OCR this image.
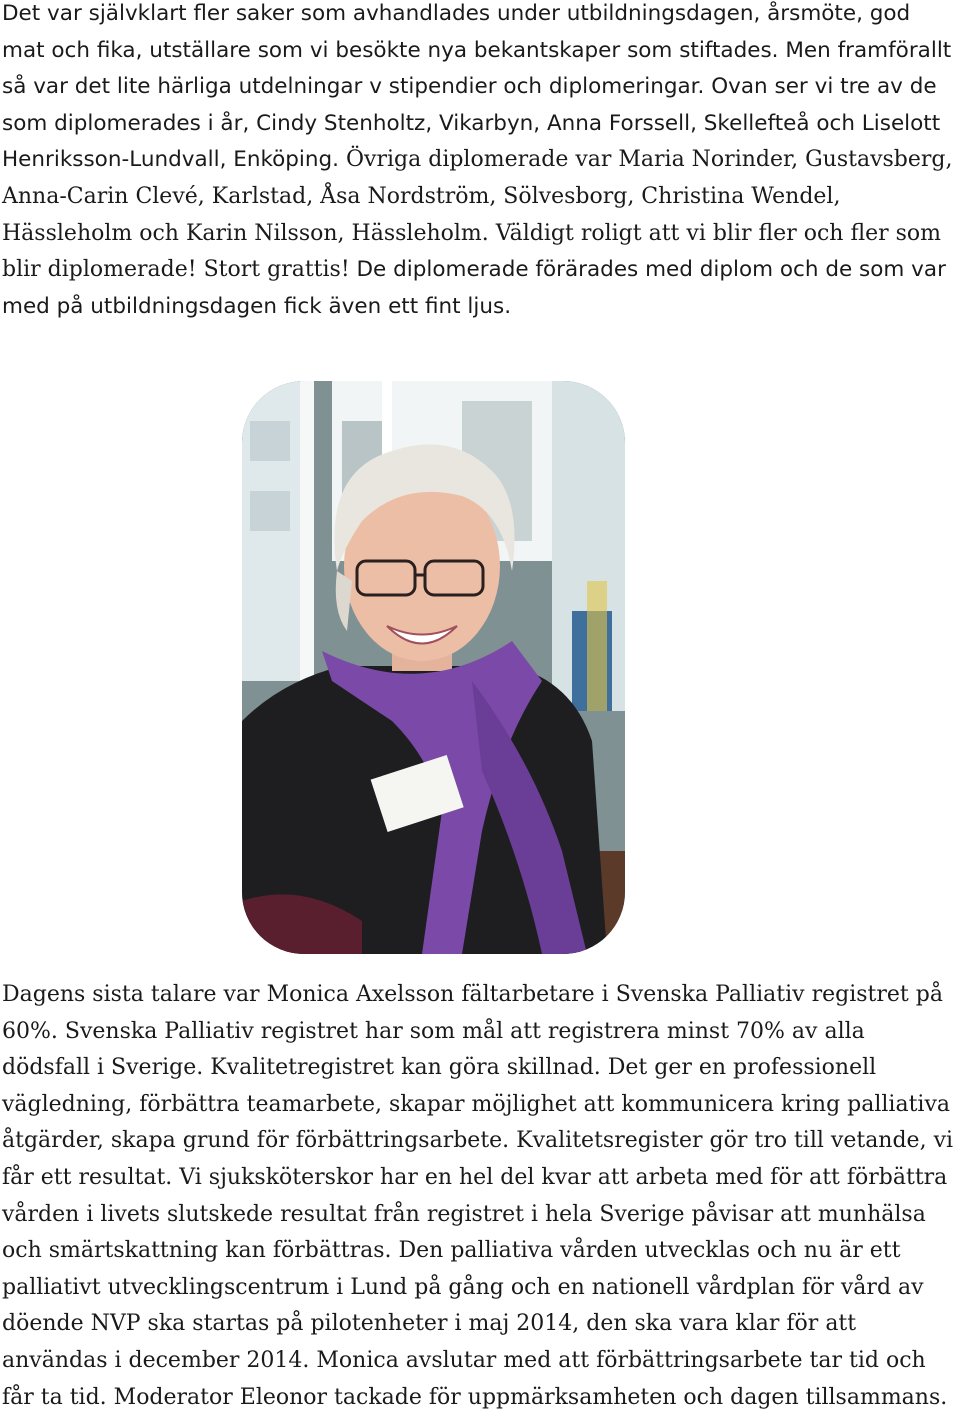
Det var självklart fler saker som avhandlades under utbildningsdagen, årsmöte, god mat och fika, utställare som vi besökte nya bekantskaper som stiftades. Men framförallt så var det lite härliga utdelningar v stipendier och diplomeringar. Ovan ser vi tre av de som diplomerades i år, Cindy Stenholtz, Vikarbyn, Anna Forssell, Skellefteå och Liselott Henriksson-Lundvall, Enköping. Övriga diplomerade var Maria Norinder, Gustavsberg, Anna-Carin Clevé, Karlstad, Åsa Nordström, Sölvesborg, Christina Wendel, Hässleholm och Karin Nilsson, Hässleholm. Väldigt roligt att vi blir fler och fler som blir diplomerade! Stort grattis! De diplomerade förärades med diplom och de som var med på utbildningsdagen fick även ett fint ljus.

Dagens sista talare var Monica Axelsson fältarbetare i Svenska Palliativ registret på 60%. Svenska Palliativ registret har som mål att registrera minst 70% av alla dödsfall i Sverige. Kvalitetregistret kan göra skillnad. Det ger en professionell vägledning, förbättra teamarbete, skapar möjlighet att kommunicera kring palliativa åtgärder, skapa grund för förbättringsarbete. Kvalitetsregister gör tro till vetande, vi får ett resultat. Vi sjuksköterskor har en hel del kvar att arbeta med för att förbättra vården i livets slutskede resultat från registret i hela Sverige påvisar att munhälsa och smärtskattning kan förbättras. Den palliativa vården utvecklas och nu är ett palliativt utvecklingscentrum i Lund på gång och en nationell vårdplan för vård av döende NVP ska startas på pilotenheter i maj 2014, den ska vara klar för att användas i december 2014. Monica avslutar med att förbättringsarbete tar tid och får ta tid. Moderator Eleonor tackade för uppmärksamheten och dagen tillsammans.
